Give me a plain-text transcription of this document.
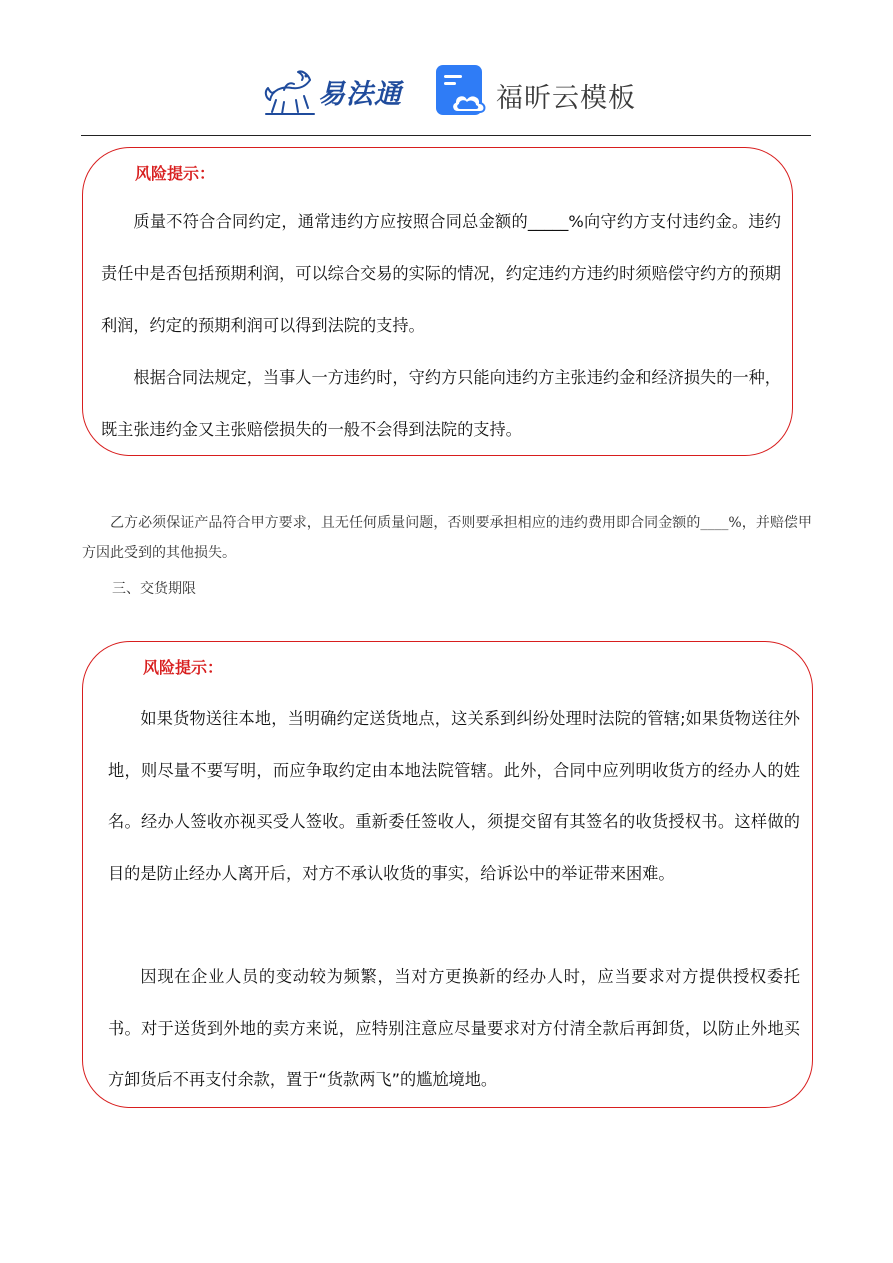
易法通	福昕云模板
风险提示：

质量不符合合同约定，通常违约方应按照合同总金额的_____%向守约方支付违约金。违约责任中是否包括预期利润，可以综合交易的实际的情况，约定违约方违约时须赔偿守约方的预期利润，约定的预期利润可以得到法院的支持。

根据合同法规定，当事人一方违约时，守约方只能向违约方主张违约金和经济损失的一种，既主张违约金又主张赔偿损失的一般不会得到法院的支持。

乙方必须保证产品符合甲方要求，且无任何质量问题，否则要承担相应的违约费用即合同金额的____%，并赔偿甲方因此受到的其他损失。

三、交货期限

风险提示：

如果货物送往本地，当明确约定送货地点，这关系到纠纷处理时法院的管辖;如果货物送往外地，则尽量不要写明，而应争取约定由本地法院管辖。此外，合同中应列明收货方的经办人的姓名。经办人签收亦视买受人签收。重新委任签收人，须提交留有其签名的收货授权书。这样做的目的是防止经办人离开后，对方不承认收货的事实，给诉讼中的举证带来困难。

因现在企业人员的变动较为频繁，当对方更换新的经办人时，应当要求对方提供授权委托书。对于送货到外地的卖方来说，应特别注意应尽量要求对方付清全款后再卸货，以防止外地买方卸货后不再支付余款，置于“货款两飞”的尴尬境地。
